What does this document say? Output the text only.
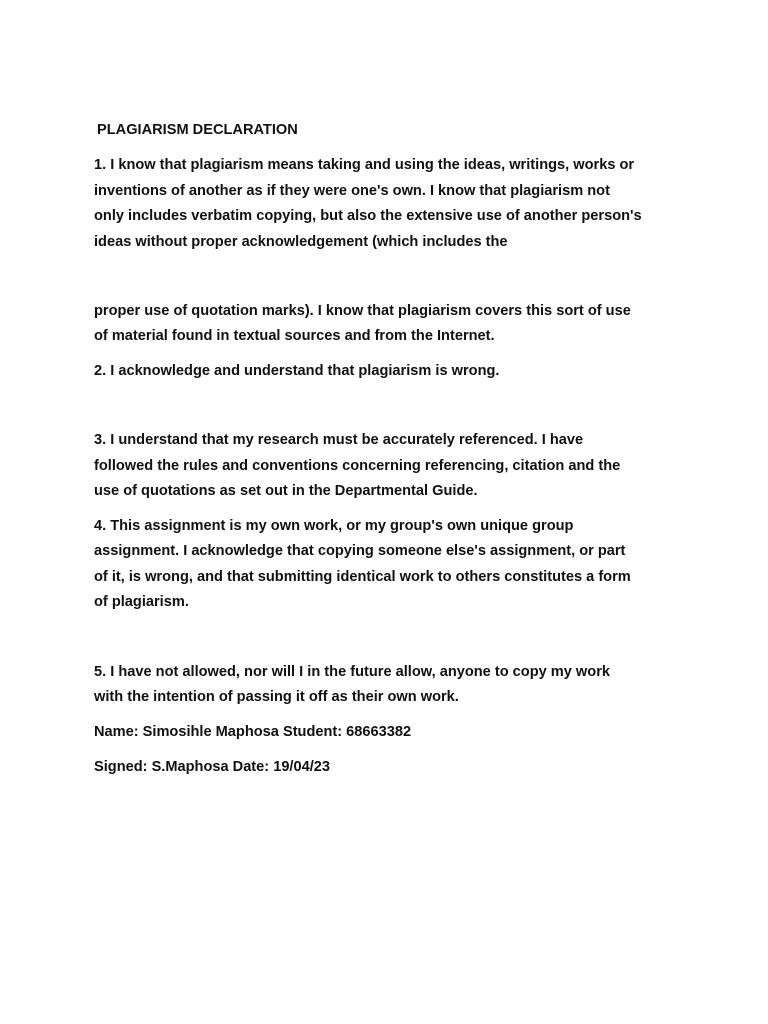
PLAGIARISM DECLARATION
1. I know that plagiarism means taking and using the ideas, writings, works or
inventions of another as if they were one's own. I know that plagiarism not
only includes verbatim copying, but also the extensive use of another person's
ideas without proper acknowledgement (which includes the
proper use of quotation marks). I know that plagiarism covers this sort of use
of material found in textual sources and from the Internet.
2. I acknowledge and understand that plagiarism is wrong.
3. I understand that my research must be accurately referenced. I have
followed the rules and conventions concerning referencing, citation and the
use of quotations as set out in the Departmental Guide.
4. This assignment is my own work, or my group's own unique group
assignment. I acknowledge that copying someone else's assignment, or part
of it, is wrong, and that submitting identical work to others constitutes a form
of plagiarism.
5. I have not allowed, nor will I in the future allow, anyone to copy my work
with the intention of passing it off as their own work.
Name: Simosihle Maphosa Student: 68663382
Signed: S.Maphosa Date: 19/04/23
